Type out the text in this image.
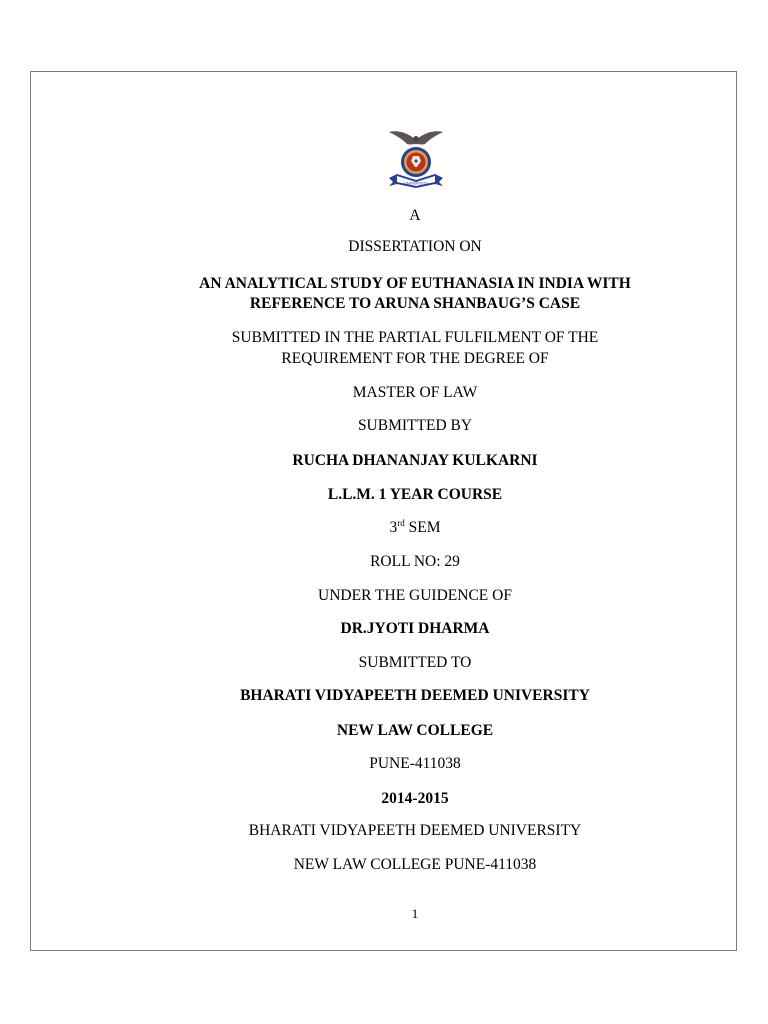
UNIVERSITY
A
DISSERTATION ON
AN ANALYTICAL STUDY OF EUTHANASIA IN INDIA WITH
REFERENCE TO ARUNA SHANBAUG’S CASE
SUBMITTED IN THE PARTIAL FULFILMENT OF THE
REQUIREMENT FOR THE DEGREE OF
MASTER OF LAW
SUBMITTED BY
RUCHA DHANANJAY KULKARNI
L.L.M. 1 YEAR COURSE
3rd SEM
ROLL NO: 29
UNDER THE GUIDENCE OF
DR.JYOTI DHARMA
SUBMITTED TO
BHARATI VIDYAPEETH DEEMED UNIVERSITY
NEW LAW COLLEGE
PUNE-411038
2014-2015
BHARATI VIDYAPEETH DEEMED UNIVERSITY
NEW LAW COLLEGE PUNE-411038
1
